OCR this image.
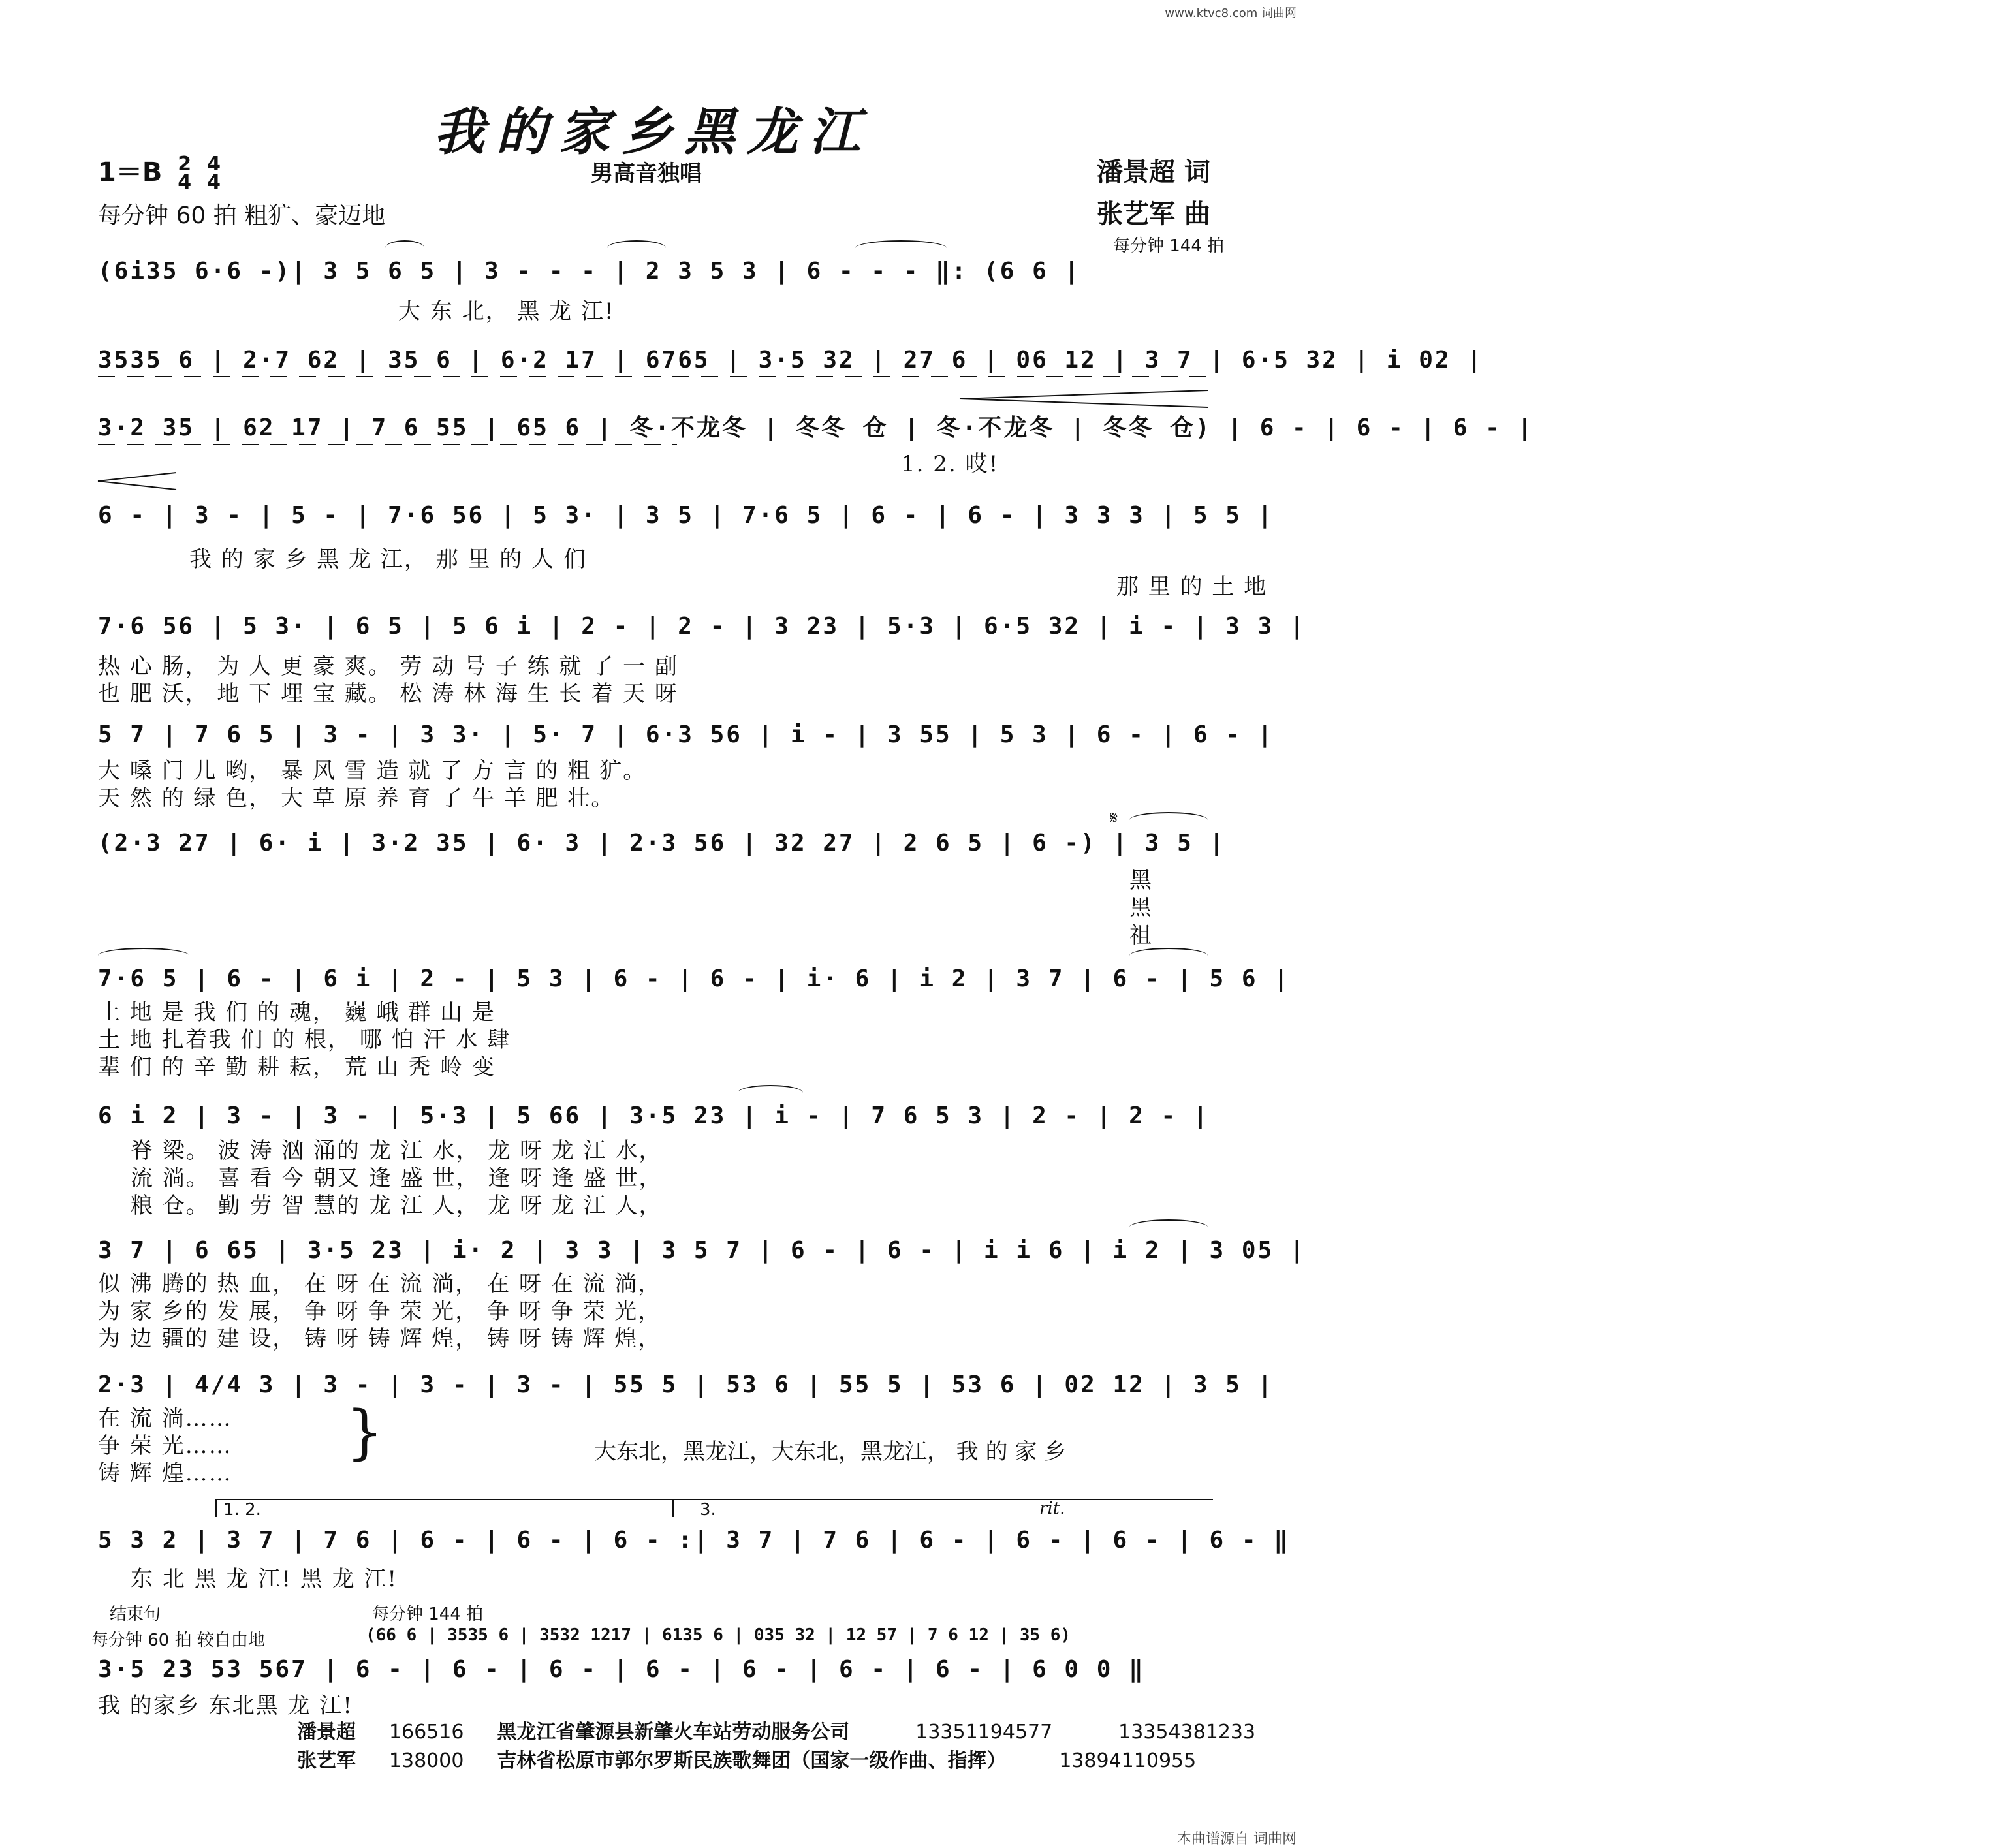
www.ktvc8.com 词曲网
本曲谱源自 词曲网
我的家乡黑龙江
1＝B 2
4

4
4	男高音独唱	潘景超 词
每分钟 60 拍 粗犷、豪迈地	张艺军 曲
每分钟 144 拍
(6i35 6·6 -)| 3 5 6 5 | 3 - - - | 2 3 5 3 | 6 - - - ‖: (6 6 |
大 东 北， 黑 龙 江!
3535 6 | 2·7 62 | 35 6 | 6·2 17 | 6765 | 3·5 32 | 27 6 | 06 12 | 3 7 | 6·5 32 | i 02 |
3·2 35 | 62 17 | 7 6 55 | 65 6 | 冬·不龙冬 | 冬冬 仓 | 冬·不龙冬 | 冬冬 仓) | 6 - | 6 - | 6 - |
1. 2. 哎!
6 - | 3 - | 5 - | 7·6 56 | 5 3· | 3 5 | 7·6 5 | 6 - | 6 - | 3 3 3 | 5 5 |
我 的 家 乡 黑 龙 江， 那 里 的 人 们
那 里 的 土 地
7·6 56 | 5 3· | 6 5 | 5 6 i | 2 - | 2 - | 3 23 | 5·3 | 6·5 32 | i - | 3 3 |
热 心 肠， 为 人 更 豪 爽。 劳 动 号 子 练 就 了 一 副
也 肥 沃， 地 下 埋 宝 藏。 松 涛 林 海 生 长 着 天 呀
5 7 | 7 6 5 | 3 - | 3 3· | 5· 7 | 6·3 56 | i - | 3 55 | 5 3 | 6 - | 6 - |
大 嗓 门 儿 哟， 暴 风 雪 造 就 了 方 言 的 粗 犷。
天 然 的 绿 色， 大 草 原 养 育 了 牛 羊 肥 壮。
𝄋
(2·3 27 | 6· i | 3·2 35 | 6· 3 | 2·3 56 | 32 27 | 2 6 5 | 6 -) | 3 5 |
黑
黑
祖
7·6 5 | 6 - | 6 i | 2 - | 5 3 | 6 - | 6 - | i· 6 | i 2 | 3 7 | 6 - | 5 6 |
土 地 是 我 们 的 魂， 巍 峨 群 山 是
土 地 扎着我 们 的 根， 哪 怕 汗 水 肆
辈 们 的 辛 勤 耕 耘， 荒 山 秃 岭 变
6 i 2 | 3 - | 3 - | 5·3 | 5 66 | 3·5 23 | i - | 7 6 5 3 | 2 - | 2 - |
脊 梁。 波 涛 汹 涌的 龙 江 水， 龙 呀 龙 江 水，
流 淌。 喜 看 今 朝又 逢 盛 世， 逢 呀 逢 盛 世，
粮 仓。 勤 劳 智 慧的 龙 江 人， 龙 呀 龙 江 人，
3 7 | 6 65 | 3·5 23 | i· 2 | 3 3 | 3 5 7 | 6 - | 6 - | i i 6 | i 2 | 3 05 |
似 沸 腾的 热 血， 在 呀 在 流 淌， 在 呀 在 流 淌，
为 家 乡的 发 展， 争 呀 争 荣 光， 争 呀 争 荣 光，
为 边 疆的 建 设， 铸 呀 铸 辉 煌， 铸 呀 铸 辉 煌，
2·3 | 4/4 3 | 3 - | 3 - | 3 - | 55 5 | 53 6 | 55 5 | 53 6 | 02 12 | 3 5 |
在 流 淌……
争 荣 光……
铸 辉 煌……
}	大东北，黑龙江，大东北，黑龙江， 我 的 家 乡
1. 2.	3.	rit.
5 3 2 | 3 7 | 7 6 | 6 - | 6 - | 6 - :| 3 7 | 7 6 | 6 - | 6 - | 6 - | 6 - ‖
东 北 黑 龙 江! 黑 龙 江!
结束句
每分钟 60 拍 较自由地
每分钟 144 拍
(66 6 | 3535 6 | 3532 1217 | 6135 6 | 035 32 | 12 57 | 7 6 12 | 35 6)
3·5 23 53 567 | 6 - | 6 - | 6 - | 6 - | 6 - | 6 - | 6 - | 6 0 0 ‖
我 的家乡 东北黑 龙 江!
潘景超 166516 黑龙江省肇源县新肇火车站劳动服务公司	13351194577	13354381233
张艺军 138000 吉林省松原市郭尔罗斯民族歌舞团（国家一级作曲、指挥）	13894110955
